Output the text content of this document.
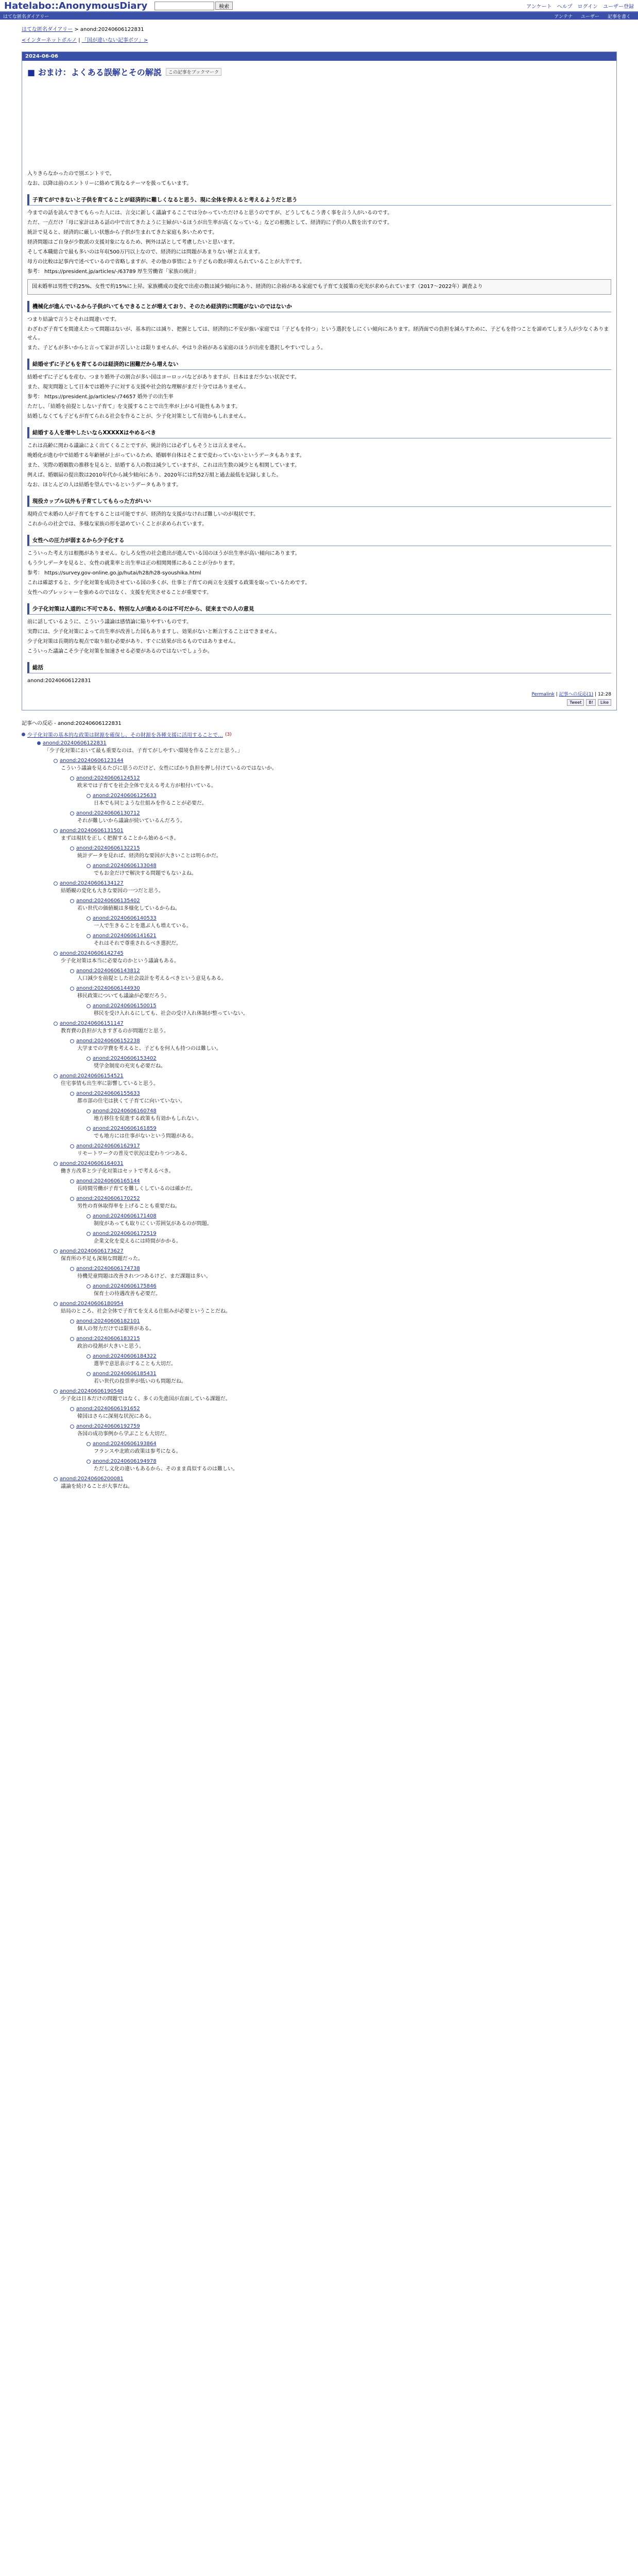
Hatelabo::AnonymousDiary	検索	アンケート ヘルプ ログイン ユーザー登録
はてな匿名ダイアリー	アンテナ ユーザー 記事を書く
はてな匿名ダイアリー > anond:20240606122831
<インターネットポルノ | 「国が違いない記事ボツ」>
2024-06-06
■ おまけ：よくある誤解とその解説	この記事をブックマーク
入りきらなかったので別エントリで。
なお、以降は前のエントリーに絡めて異なるテーマを扱ってもいます。
子育てができないと子供を育てることが経済的に難しくなると思う、現に全体を抑えると考えるようだと思う
今までの話を読んできてもらった人には、言交に新しく議論するここでは分かっていただけると思うのですが、どうしてもこう書く事を言う人がいるのです。
ただ、一点だけ「母に家計はある話の中で出てきたように主婦がいるほうが出生率が高くなっている」などの根拠として、経済的に子供の人数を出すのです。
統計で見ると、経済的に厳しい状態から子供が生まれてきた家庭も多いためです。
経済問題はご自身が少数派の支援対象になるため、例外は話として考慮したいと思います。
そして本職総合で最も多いのは年収500万円以上なので、経済的には問題があまりない層と言えます。
母方の比較は記事内で述べているので省略しますが、その他の事情により子どもの数が抑えられていることが大半です。
参考： https://president.jp/articles/-/63789 厚生労働省「家族の統計」
国未婚率は男性で約25%、女性で約15%に上昇。家族構成の変化で出産の数は減少傾向にあり、経済的に余裕がある家庭でも子育て支援策の充実が求められています（2017〜2022年）調査より
機械化が進んでいるから子供がいてもできることが増えており、そのため経済的に問題がないのではないか
つまり結論で言うとそれは間違いです。
わざわざ子育てを間違えたって問題はないが、基本的には減り、把握としては、経済的に不安が強い家庭では「子どもを持つ」という選択をしにくい傾向にあります。経済面での負担を減らすために、子どもを持つことを諦めてしまう人が少なくありません。
また、子どもが多いからと言って家計が苦しいとは限りませんが、やはり余裕がある家庭のほうが出産を選択しやすいでしょう。
結婚せずに子どもを育てるのは経済的に困難だから増えない
結婚せずに子どもを産む、つまり婚外子の割合が多い国はヨーロッパなどがありますが、日本はまだ少ない状況です。
また、現実問題として日本では婚外子に対する支援や社会的な理解がまだ十分ではありません。
参考： https://president.jp/articles/-/74657 婚外子の出生率
ただし、「結婚を前提としない子育て」を支援することで出生率が上がる可能性もあります。
結婚しなくても子どもが育てられる社会を作ることが、少子化対策として有効かもしれません。
結婚する人を増やしたいならXXXXXはやめるべき
これは高齢に関わる議論によく出てくることですが、統計的には必ずしもそうとは言えません。
晩婚化が進む中で結婚する年齢層が上がっているため、婚姻率自体はそこまで変わっていないというデータもあります。
また、実際の婚姻数の推移を見ると、結婚する人の数は減少していますが、これは出生数の減少とも相関しています。
例えば、婚姻届の提出数は2010年代から減少傾向にあり、2020年には約52万組と過去最低を記録しました。
なお、ほとんどの人は結婚を望んでいるというデータもあります。
現役カップル以外も子育てしてもらった方がいい
現時点で未婚の人が子育てをすることは可能ですが、経済的な支援がなければ難しいのが現状です。
これからの社会では、多様な家族の形を認めていくことが求められています。
女性への圧力が弱まるから少子化する
こういった考え方は根拠がありません。むしろ女性の社会進出が進んでいる国のほうが出生率が高い傾向にあります。
もう少しデータを見ると、女性の就業率と出生率は正の相関関係にあることが分かります。
参考： https://survey.gov-online.go.jp/hutai/h28/h28-syoushika.html
これは確認すると、少子化対策を成功させている国の多くが、仕事と子育ての両立を支援する政策を取っているためです。
女性へのプレッシャーを強めるのではなく、支援を充実させることが重要です。
少子化対策は人道的に不可である、特別な人が進めるのは不可だから、従来までの人の意見
前に話しているように、こういう議論は感情論に陥りやすいものです。
実際には、少子化対策によって出生率が改善した国もありますし、効果がないと断言することはできません。
少子化対策は長期的な視点で取り組む必要があり、すぐに結果が出るものではありません。
こういった議論こそ少子化対策を加速させる必要があるのではないでしょうか。
総括
anond:20240606122831
Permalink | 記事への反応(1) | 12:28
Tweet	B!	Like
記事への反応 - anond:20240606122831
少子化対策の基本的な政策は財源を確保し、その財源を各種支援に活用することで… (3)
anond:20240606122831
「少子化対策において最も重要なのは、子育てがしやすい環境を作ることだと思う。」
anond:20240606123144
こういう議論を見るたびに思うのだけど、女性にばかり負担を押し付けているのではないか。
anond:20240606124512
欧米では子育てを社会全体で支える考え方が根付いている。
anond:20240606125633
日本でも同じような仕組みを作ることが必要だ。
anond:20240606130712
それが難しいから議論が続いているんだろう。
anond:20240606131501
まずは現状を正しく把握することから始めるべき。
anond:20240606132215
統計データを見れば、経済的な要因が大きいことは明らかだ。
anond:20240606133048
でもお金だけで解決する問題でもないよね。
anond:20240606134127
結婚観の変化も大きな要因の一つだと思う。
anond:20240606135402
若い世代の価値観は多様化しているからね。
anond:20240606140533
一人で生きることを選ぶ人も増えている。
anond:20240606141621
それはそれで尊重されるべき選択だ。
anond:20240606142745
少子化対策は本当に必要なのかという議論もある。
anond:20240606143812
人口減少を前提とした社会設計を考えるべきという意見もある。
anond:20240606144930
移民政策についても議論が必要だろう。
anond:20240606150015
移民を受け入れるにしても、社会の受け入れ体制が整っていない。
anond:20240606151147
教育費の負担が大きすぎるのが問題だと思う。
anond:20240606152238
大学までの学費を考えると、子どもを何人も持つのは難しい。
anond:20240606153402
奨学金制度の充実も必要だね。
anond:20240606154521
住宅事情も出生率に影響していると思う。
anond:20240606155633
都市部の住宅は狭くて子育てに向いていない。
anond:20240606160748
地方移住を促進する政策も有効かもしれない。
anond:20240606161859
でも地方には仕事がないという問題がある。
anond:20240606162917
リモートワークの普及で状況は変わりつつある。
anond:20240606164031
働き方改革と少子化対策はセットで考えるべき。
anond:20240606165144
長時間労働が子育てを難しくしているのは確かだ。
anond:20240606170252
男性の育休取得率を上げることも重要だね。
anond:20240606171408
制度があっても取りにくい雰囲気があるのが問題。
anond:20240606172519
企業文化を変えるには時間がかかる。
anond:20240606173627
保育所の不足も深刻な問題だった。
anond:20240606174738
待機児童問題は改善されつつあるけど、まだ課題は多い。
anond:20240606175846
保育士の待遇改善も必要だ。
anond:20240606180954
結局のところ、社会全体で子育てを支える仕組みが必要ということだね。
anond:20240606182101
個人の努力だけでは限界がある。
anond:20240606183215
政治の役割が大きいと思う。
anond:20240606184322
選挙で意思表示することも大切だ。
anond:20240606185431
若い世代の投票率が低いのも問題だね。
anond:20240606190548
少子化は日本だけの問題ではなく、多くの先進国が直面している課題だ。
anond:20240606191652
韓国はさらに深刻な状況にある。
anond:20240606192759
各国の成功事例から学ぶことも大切だ。
anond:20240606193864
フランスや北欧の政策は参考になる。
anond:20240606194978
ただし文化の違いもあるから、そのまま真似するのは難しい。
anond:20240606200081
議論を続けることが大事だね。
